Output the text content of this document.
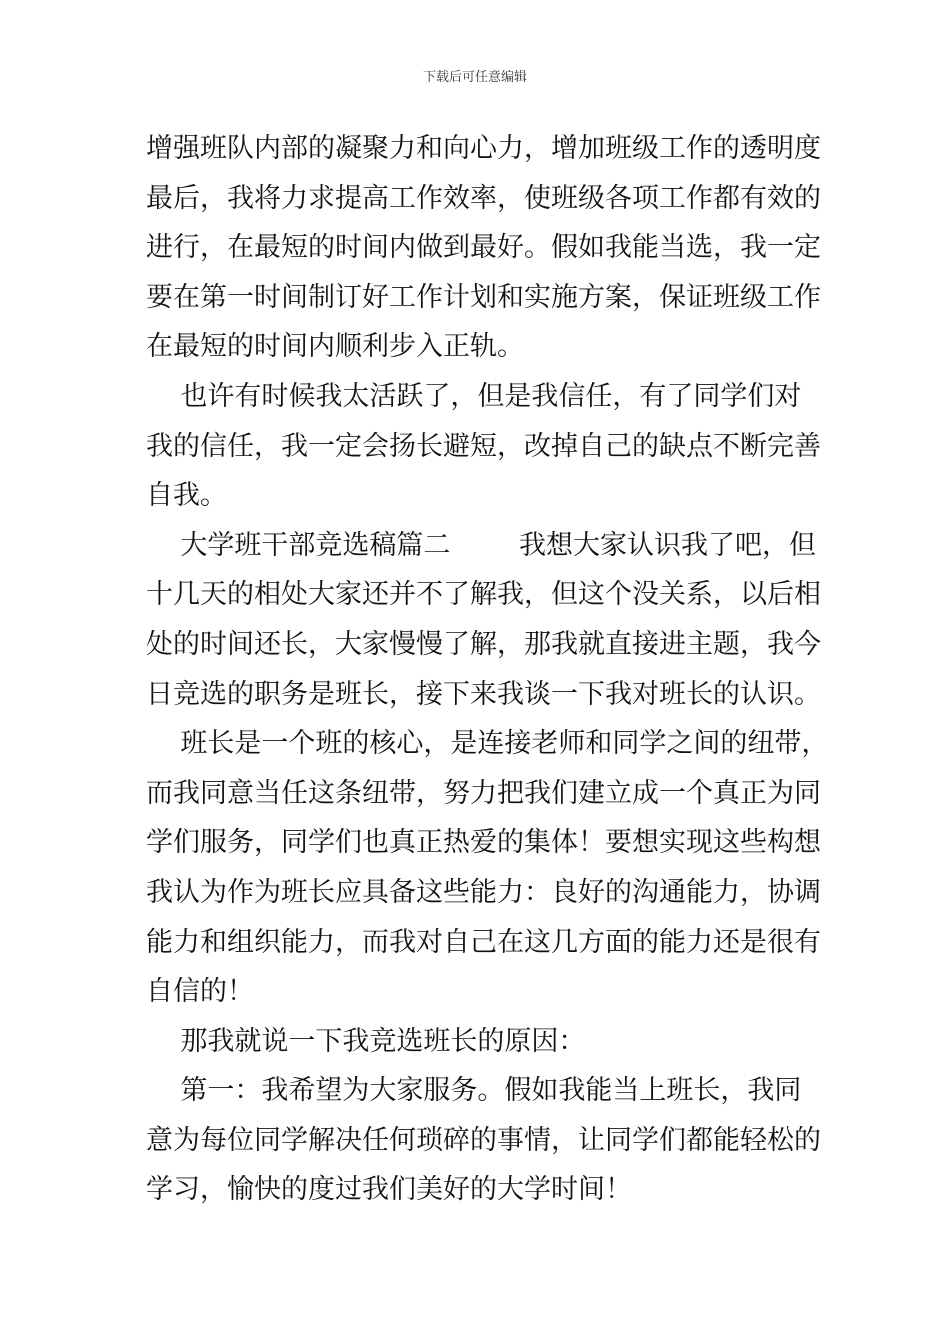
下载后可任意编辑

增强班队内部的凝聚力和向心力，增加班级工作的透明度

最后，我将力求提高工作效率，使班级各项工作都有效的

进行，在最短的时间内做到最好。假如我能当选，我一定

要在第一时间制订好工作计划和实施方案，保证班级工作

在最短的时间内顺利步入正轨。

也许有时候我太活跃了，但是我信任，有了同学们对

我的信任，我一定会扬长避短，改掉自己的缺点不断完善

自我。

大学班干部竞选稿篇二        我想大家认识我了吧，但

十几天的相处大家还并不了解我，但这个没关系，以后相

处的时间还长，大家慢慢了解，那我就直接进主题，我今

日竞选的职务是班长，接下来我谈一下我对班长的认识。

班长是一个班的核心，是连接老师和同学之间的纽带，

而我同意当任这条纽带，努力把我们建立成一个真正为同

学们服务，同学们也真正热爱的集体！要想实现这些构想

我认为作为班长应具备这些能力：良好的沟通能力，协调

能力和组织能力，而我对自己在这几方面的能力还是很有

自信的！

那我就说一下我竞选班长的原因：

第一：我希望为大家服务。假如我能当上班长，我同

意为每位同学解决任何琐碎的事情，让同学们都能轻松的

学习，愉快的度过我们美好的大学时间！
